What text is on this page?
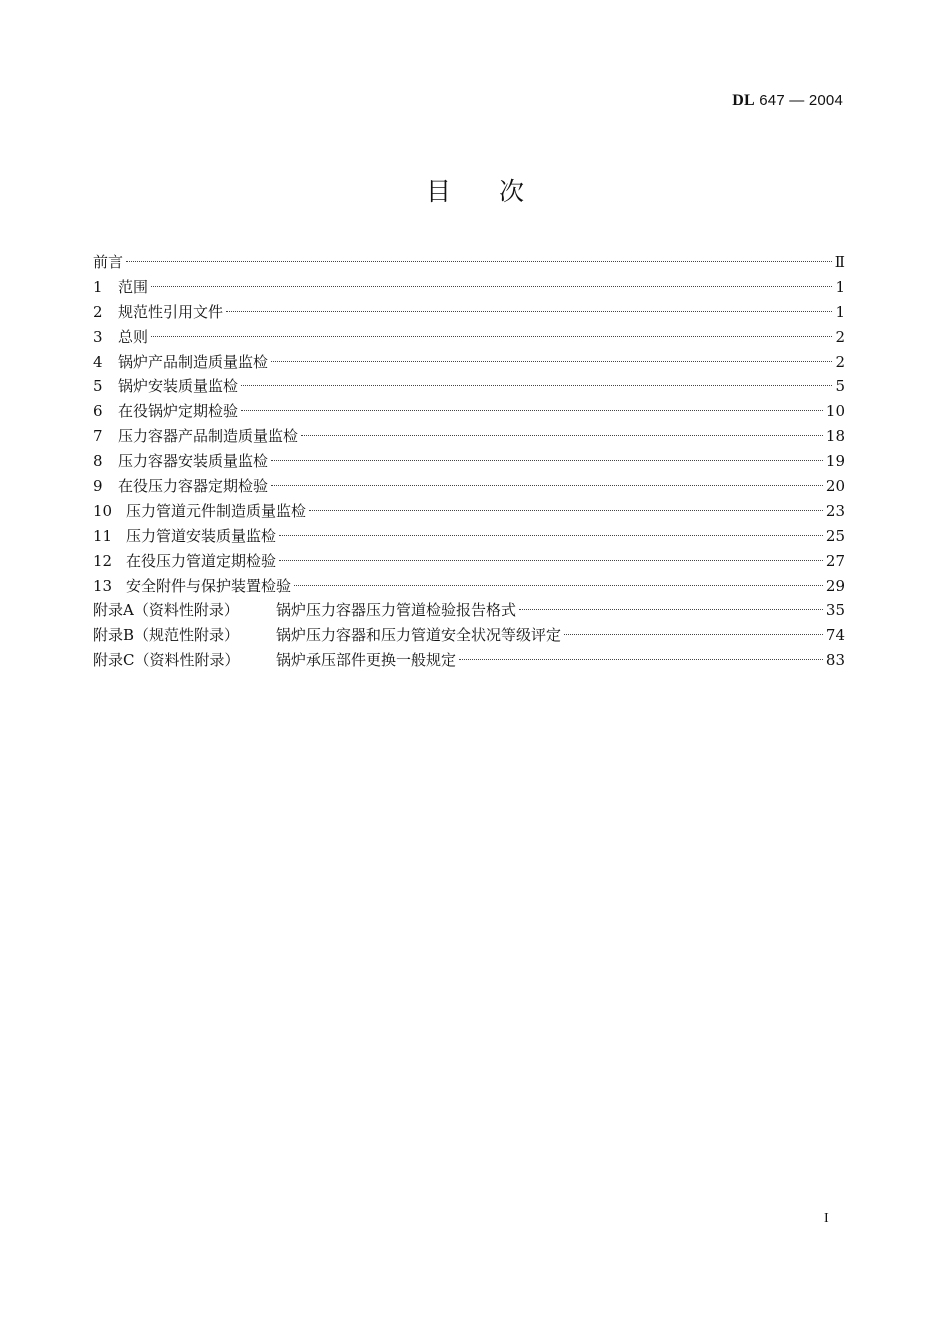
DL 647 — 2004
目次
前言	Ⅱ
1	范围	1
2	规范性引用文件	1
3	总则	2
4	锅炉产品制造质量监检	2
5	锅炉安装质量监检	5
6	在役锅炉定期检验	10
7	压力容器产品制造质量监检	18
8	压力容器安装质量监检	19
9	在役压力容器定期检验	20
10 压力管道元件制造质量监检	23
11 压力管道安装质量监检	25
12 在役压力管道定期检验	27
13 安全附件与保护装置检验	29
附录A（资料性附录）	锅炉压力容器压力管道检验报告格式	35
附录B（规范性附录）	锅炉压力容器和压力管道安全状况等级评定	74
附录C（资料性附录）	锅炉承压部件更换一般规定	83
I
